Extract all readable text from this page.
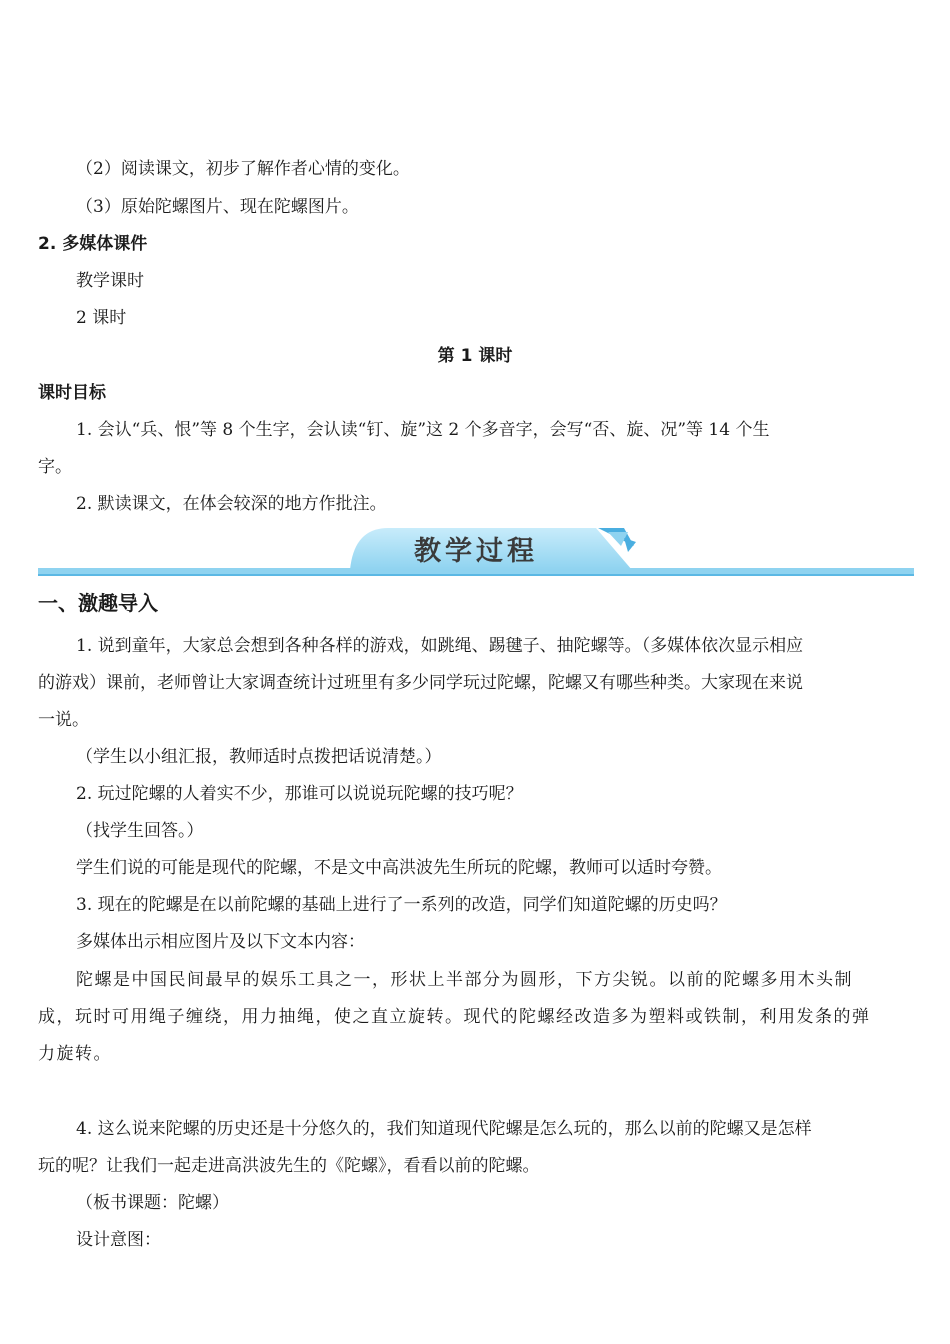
（2）阅读课文，初步了解作者心情的变化。
（3）原始陀螺图片、现在陀螺图片。
2. 多媒体课件
教学课时
2 课时
第 1 课时
课时目标
1. 会认“兵、恨”等 8 个生字，会认读“钉、旋”这 2 个多音字，会写“否、旋、况”等 14 个生
字。
2. 默读课文，在体会较深的地方作批注。
教学过程
一、激趣导入
1. 说到童年，大家总会想到各种各样的游戏，如跳绳、踢毽子、抽陀螺等。（多媒体依次显示相应
的游戏）课前，老师曾让大家调查统计过班里有多少同学玩过陀螺，陀螺又有哪些种类。大家现在来说
一说。
（学生以小组汇报，教师适时点拨把话说清楚。）
2. 玩过陀螺的人着实不少，那谁可以说说玩陀螺的技巧呢？
（找学生回答。）
学生们说的可能是现代的陀螺，不是文中高洪波先生所玩的陀螺，教师可以适时夸赞。
3. 现在的陀螺是在以前陀螺的基础上进行了一系列的改造，同学们知道陀螺的历史吗？
多媒体出示相应图片及以下文本内容：
陀螺是中国民间最早的娱乐工具之一，形状上半部分为圆形，下方尖锐。以前的陀螺多用木头制
成，玩时可用绳子缠绕，用力抽绳，使之直立旋转。现代的陀螺经改造多为塑料或铁制，利用发条的弹
力旋转。
4. 这么说来陀螺的历史还是十分悠久的，我们知道现代陀螺是怎么玩的，那么以前的陀螺又是怎样
玩的呢？让我们一起走进高洪波先生的《陀螺》，看看以前的陀螺。
（板书课题：陀螺）
设计意图：
